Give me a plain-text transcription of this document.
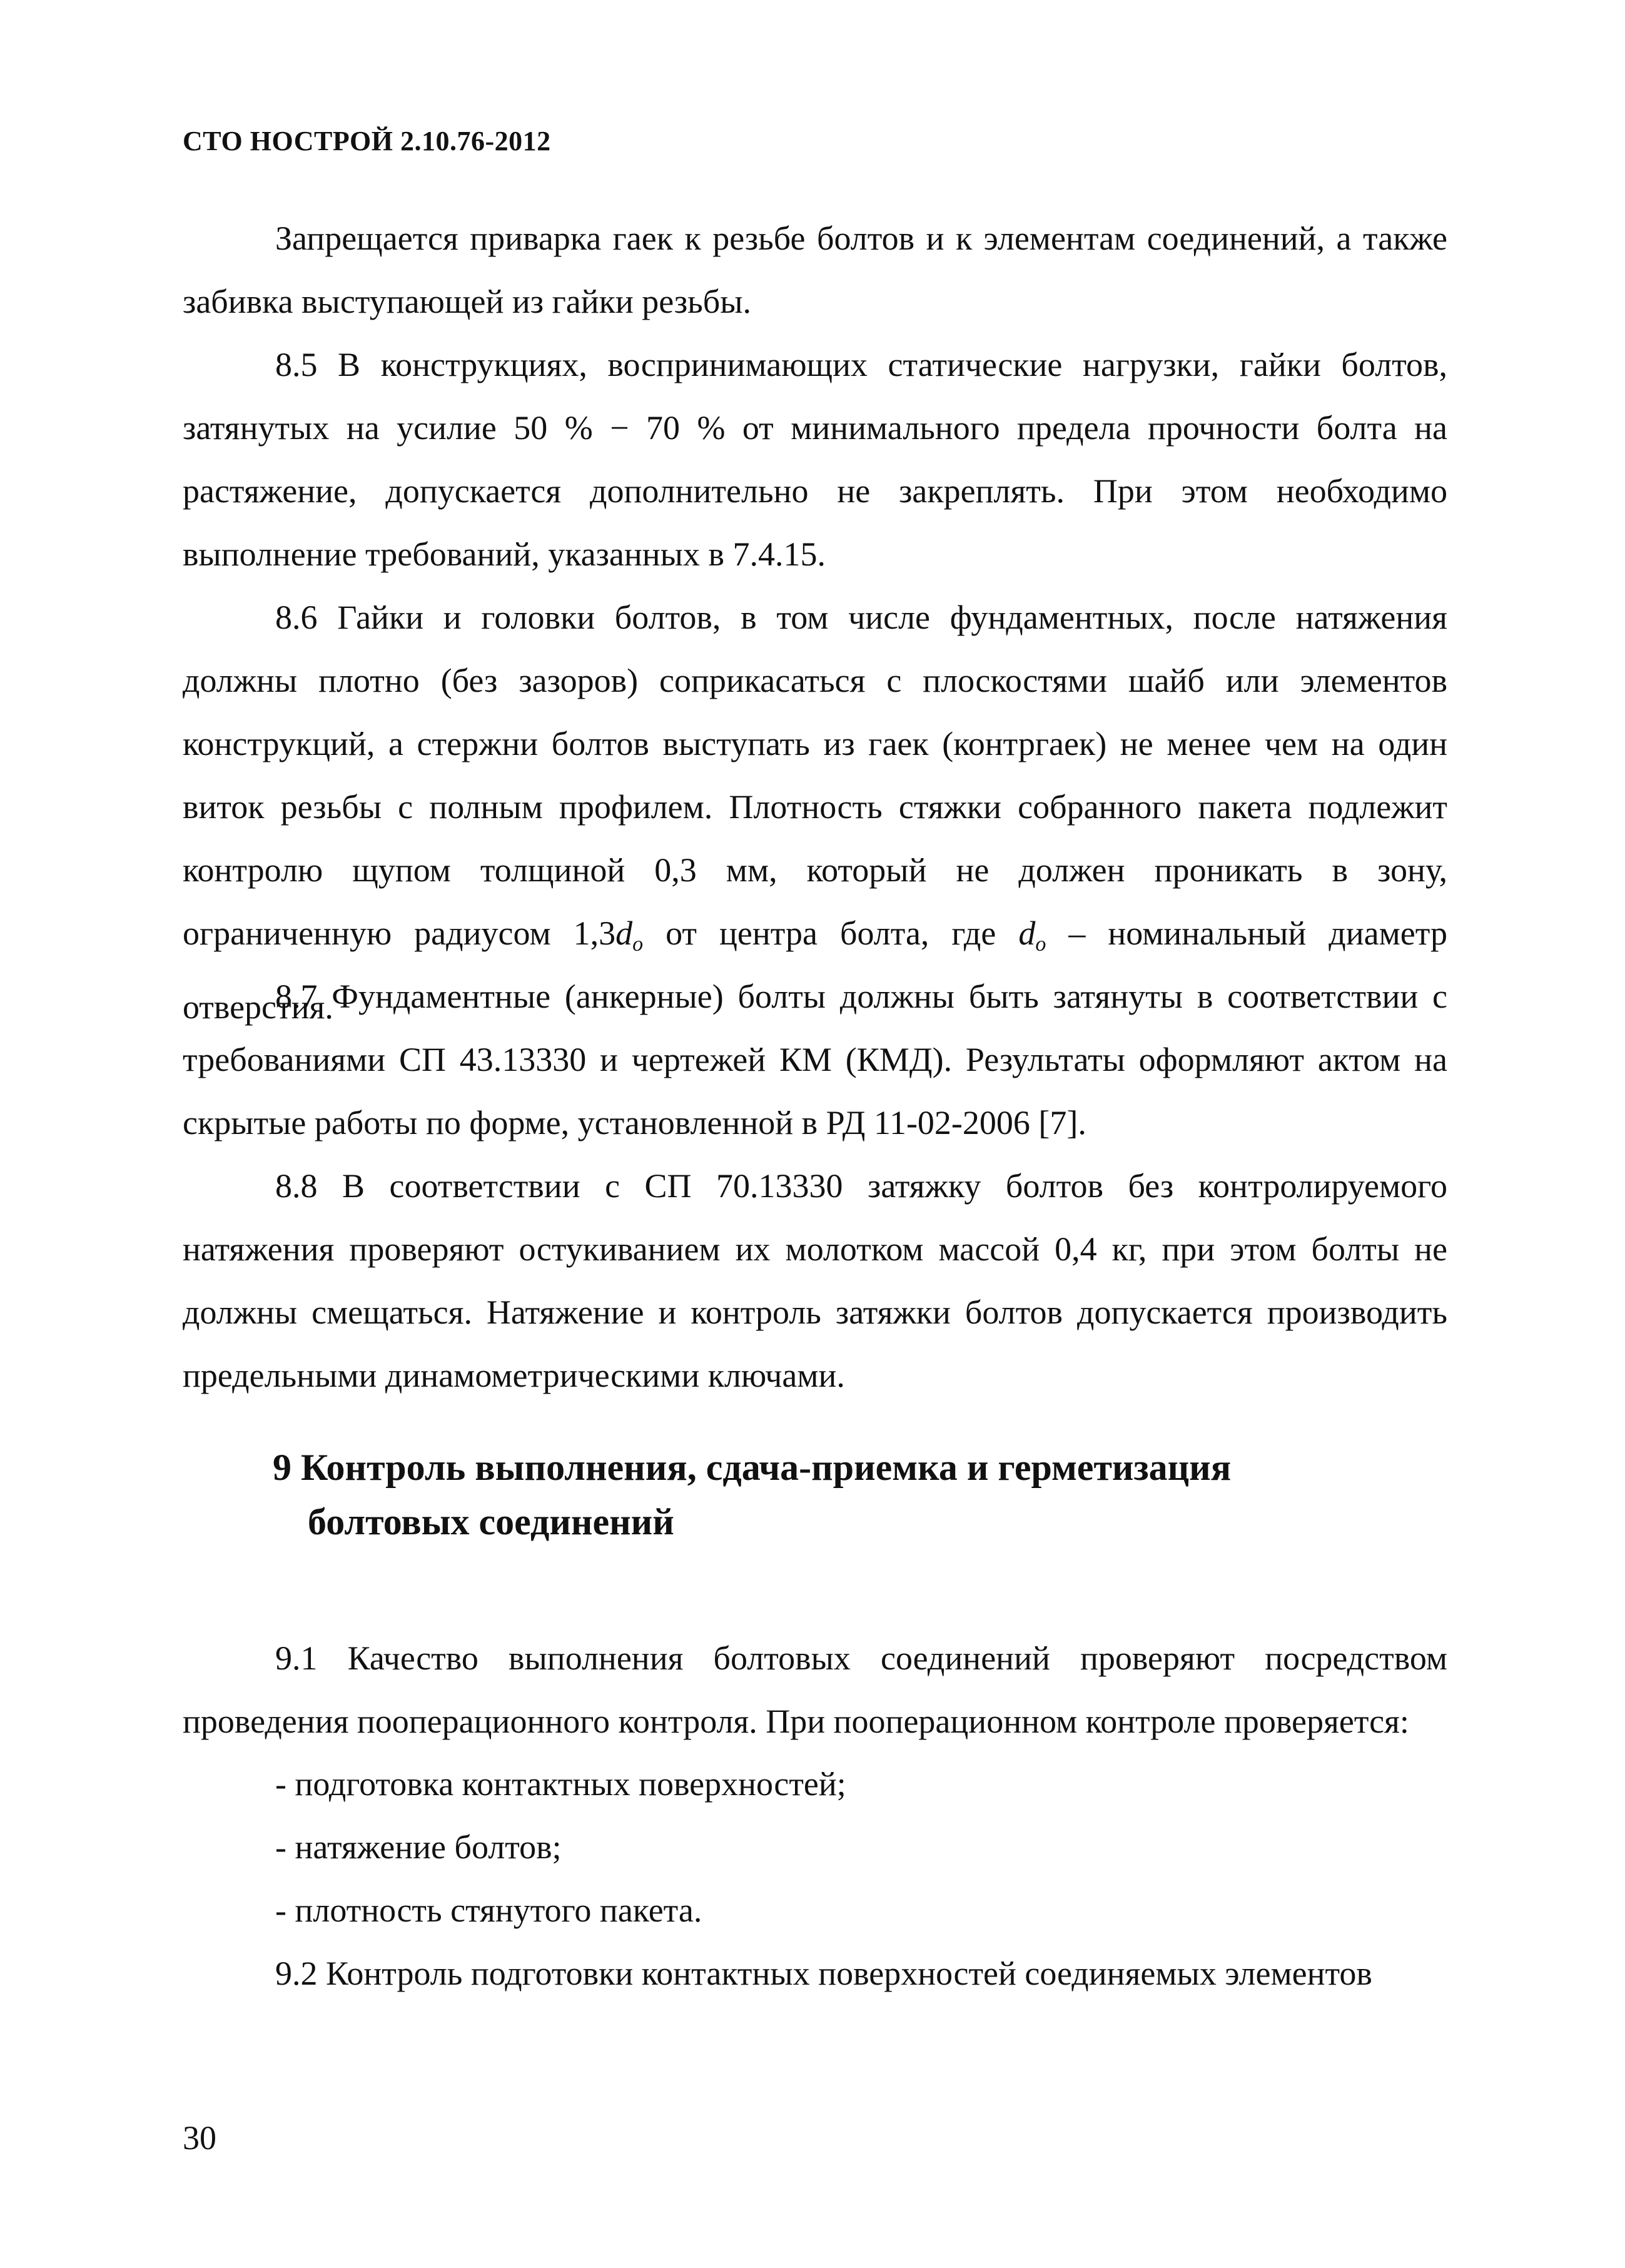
СТО НОСТРОЙ 2.10.76-2012
Запрещается приварка гаек к резьбе болтов и к элементам соединений, а также забивка выступающей из гайки резьбы.
8.5 В конструкциях, воспринимающих статические нагрузки, гайки болтов, затянутых на усилие 50 % − 70 % от минимального предела прочности болта на растяжение, допускается дополнительно не закреплять. При этом необходимо выполнение требований, указанных в 7.4.15.
8.6 Гайки и головки болтов, в том числе фундаментных, после натяжения должны плотно (без зазоров) соприкасаться с плоскостями шайб или элементов конструкций, а стержни болтов выступать из гаек (контргаек) не менее чем на один виток резьбы с полным профилем. Плотность стяжки собранного пакета подлежит контролю щупом толщиной 0,3 мм, который не должен проникать в зону, ограниченную радиусом $1,3d_o$ от центра болта, где $d_o$ – номинальный диаметр отверстия.
8.7 Фундаментные (анкерные) болты должны быть затянуты в соответствии с требованиями СП 43.13330 и чертежей КМ (КМД). Результаты оформляют актом на скрытые работы по форме, установленной в РД 11-02-2006 [7].
8.8 В соответствии с СП 70.13330 затяжку болтов без контролируемого натяжения проверяют остукиванием их молотком массой 0,4 кг, при этом болты не должны смещаться. Натяжение и контроль затяжки болтов допускается производить предельными динамометрическими ключами.
9 Контроль выполнения, сдача-приемка и герметизация
болтовых соединений
9.1 Качество выполнения болтовых соединений проверяют посредством проведения пооперационного контроля. При пооперационном контроле проверяется:
- подготовка контактных поверхностей;
- натяжение болтов;
- плотность стянутого пакета.
9.2 Контроль подготовки контактных поверхностей соединяемых элементов
30
